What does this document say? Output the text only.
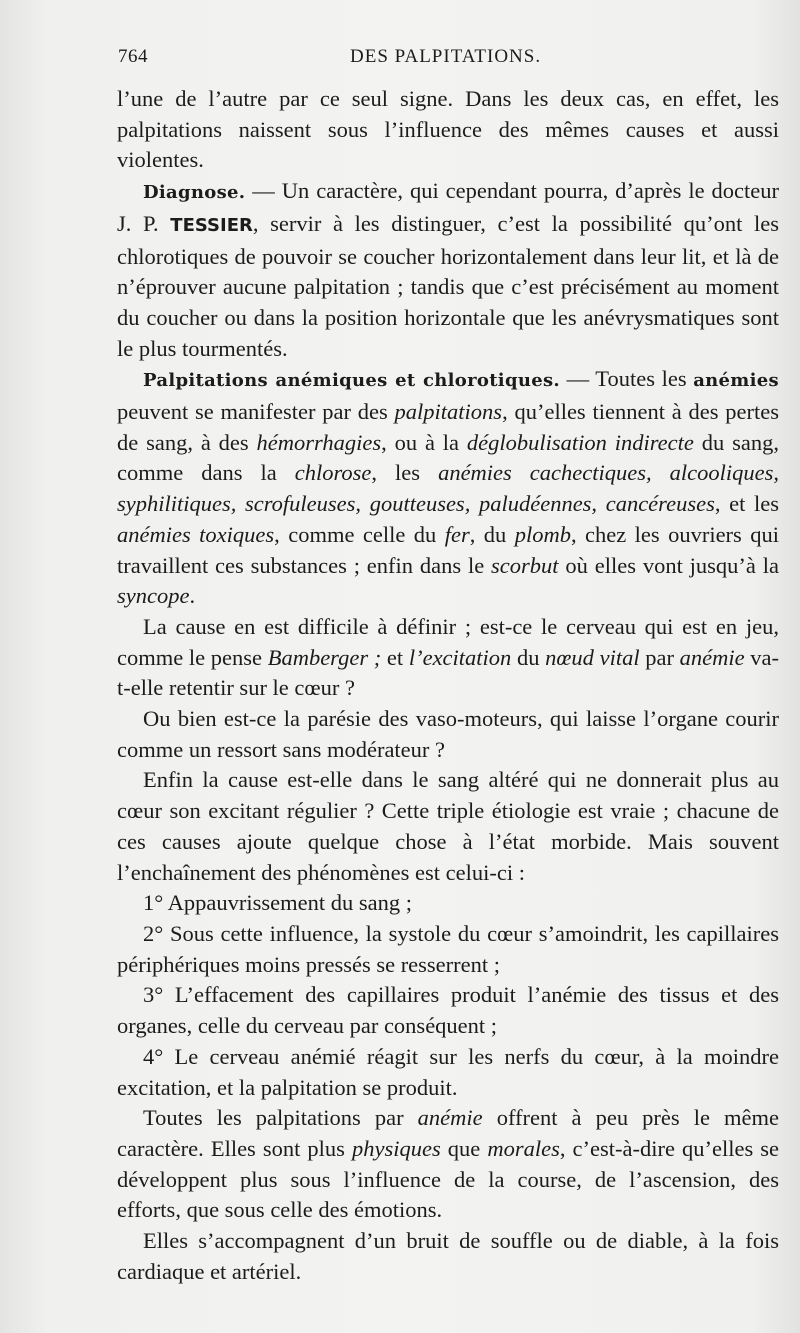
764	DES PALPITATIONS.

l’une de l’autre par ce seul signe. Dans les deux cas, en effet, les palpitations naissent sous l’influence des mêmes causes et aussi violentes.

Diagnose. — Un caractère, qui cependant pourra, d’après le docteur J. P. TESSIER, servir à les distinguer, c’est la possibilité qu’ont les chlorotiques de pouvoir se coucher horizontalement dans leur lit, et là de n’éprouver aucune palpitation ; tandis que c’est précisément au moment du coucher ou dans la position horizontale que les anévrysmatiques sont le plus tourmentés.

Palpitations anémiques et chlorotiques. — Toutes les anémies peuvent se manifester par des palpitations, qu’elles tiennent à des pertes de sang, à des hémorrhagies, ou à la déglobulisation indirecte du sang, comme dans la chlorose, les anémies cachectiques, alcooliques, syphilitiques, scrofuleuses, goutteuses, paludéennes, cancéreuses, et les anémies toxiques, comme celle du fer, du plomb, chez les ouvriers qui travaillent ces substances ; enfin dans le scorbut où elles vont jusqu’à la syncope.

La cause en est difficile à définir ; est-ce le cerveau qui est en jeu, comme le pense Bamberger ; et l’excitation du nœud vital par anémie va-t-elle retentir sur le cœur ?

Ou bien est-ce la parésie des vaso-moteurs, qui laisse l’organe courir comme un ressort sans modérateur ?

Enfin la cause est-elle dans le sang altéré qui ne donnerait plus au cœur son excitant régulier ? Cette triple étiologie est vraie ; chacune de ces causes ajoute quelque chose à l’état morbide. Mais souvent l’enchaînement des phénomènes est celui-ci :

1° Appauvrissement du sang ;

2° Sous cette influence, la systole du cœur s’amoindrit, les capillaires périphériques moins pressés se resserrent ;

3° L’effacement des capillaires produit l’anémie des tissus et des organes, celle du cerveau par conséquent ;

4° Le cerveau anémié réagit sur les nerfs du cœur, à la moindre excitation, et la palpitation se produit.

Toutes les palpitations par anémie offrent à peu près le même caractère. Elles sont plus physiques que morales, c’est-à-dire qu’elles se développent plus sous l’influence de la course, de l’ascension, des efforts, que sous celle des émotions.

Elles s’accompagnent d’un bruit de souffle ou de diable, à la fois cardiaque et artériel.
